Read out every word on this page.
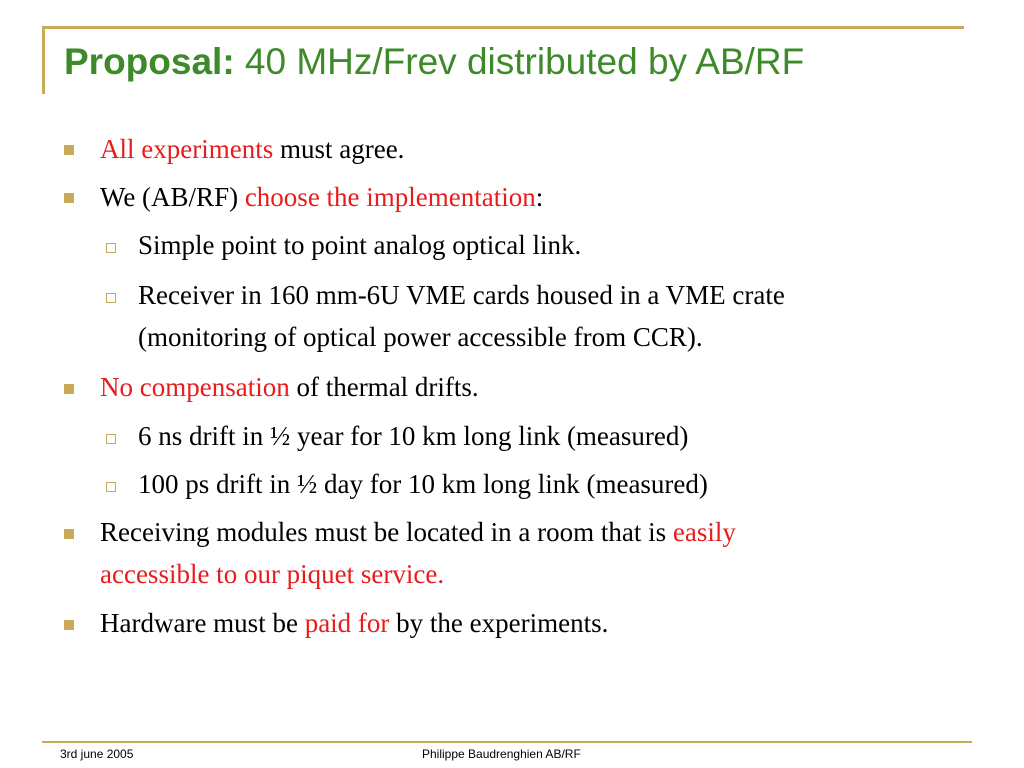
Proposal: 40 MHz/Frev distributed by AB/RF
All experiments must agree.
We (AB/RF) choose the implementation:
Simple point to point analog optical link.
Receiver in 160 mm-6U VME cards housed in a VME crate
(monitoring of optical power accessible from CCR).
No compensation of thermal drifts.
6 ns drift in ½ year for 10 km long link (measured)
100 ps drift in ½ day for 10 km long link (measured)
Receiving modules must be located in a room that is easily
accessible to our piquet service.
Hardware must be paid for by the experiments.
3rd june 2005	Philippe Baudrenghien AB/RF
